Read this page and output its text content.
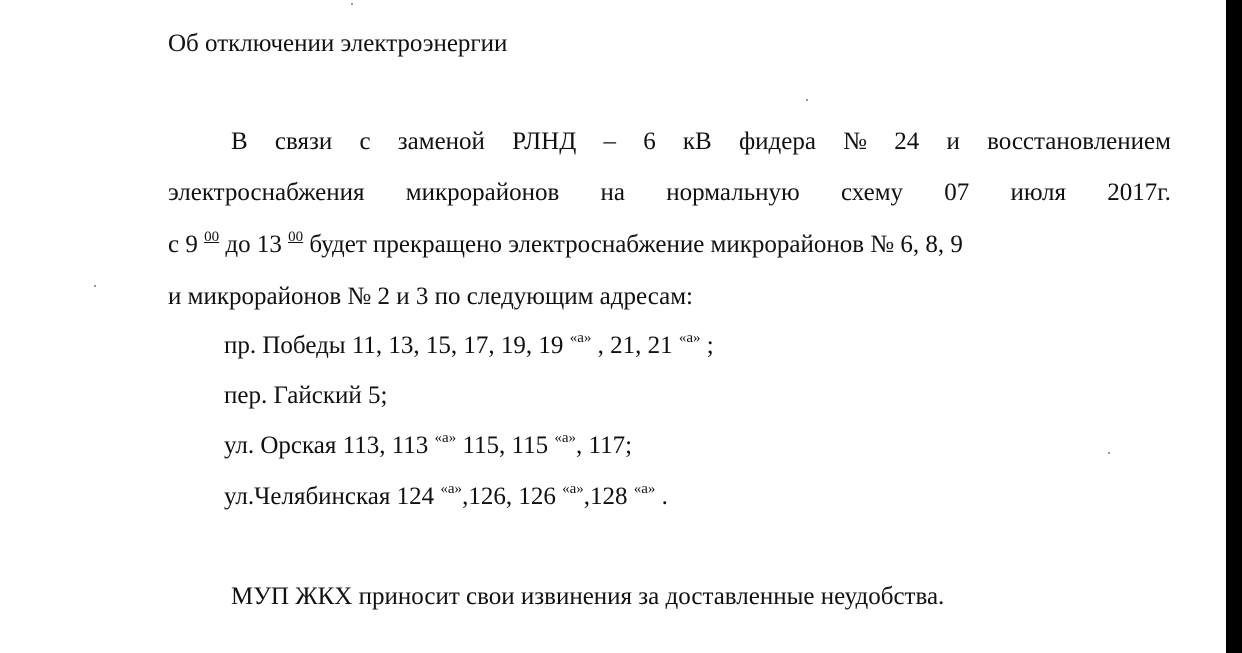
Об отключении электроэнергии
В связи с заменой РЛНД – 6 кВ фидера № 24 и восстановлением
электроснабжения микрорайонов на нормальную схему 07 июля 2017г.
с 9 $^{00}$ до 13 $^{00}$ будет прекращено электроснабжение микрорайонов № 6, 8, 9
и микрорайонов № 2 и 3 по следующим адресам:
пр. Победы 11, 13, 15, 17, 19, 19 $^{«а»}$ , 21, 21 $^{«а»}$ ;
пер. Гайский 5;
ул. Орская 113, 113 $^{«а»}$ 115, 115 $^{«а»}$, 117;
ул.Челябинская 124 $^{«а»}$,126, 126 $^{«а»}$,128 $^{«а»}$ .
МУП ЖКХ приносит свои извинения за доставленные неудобства.
